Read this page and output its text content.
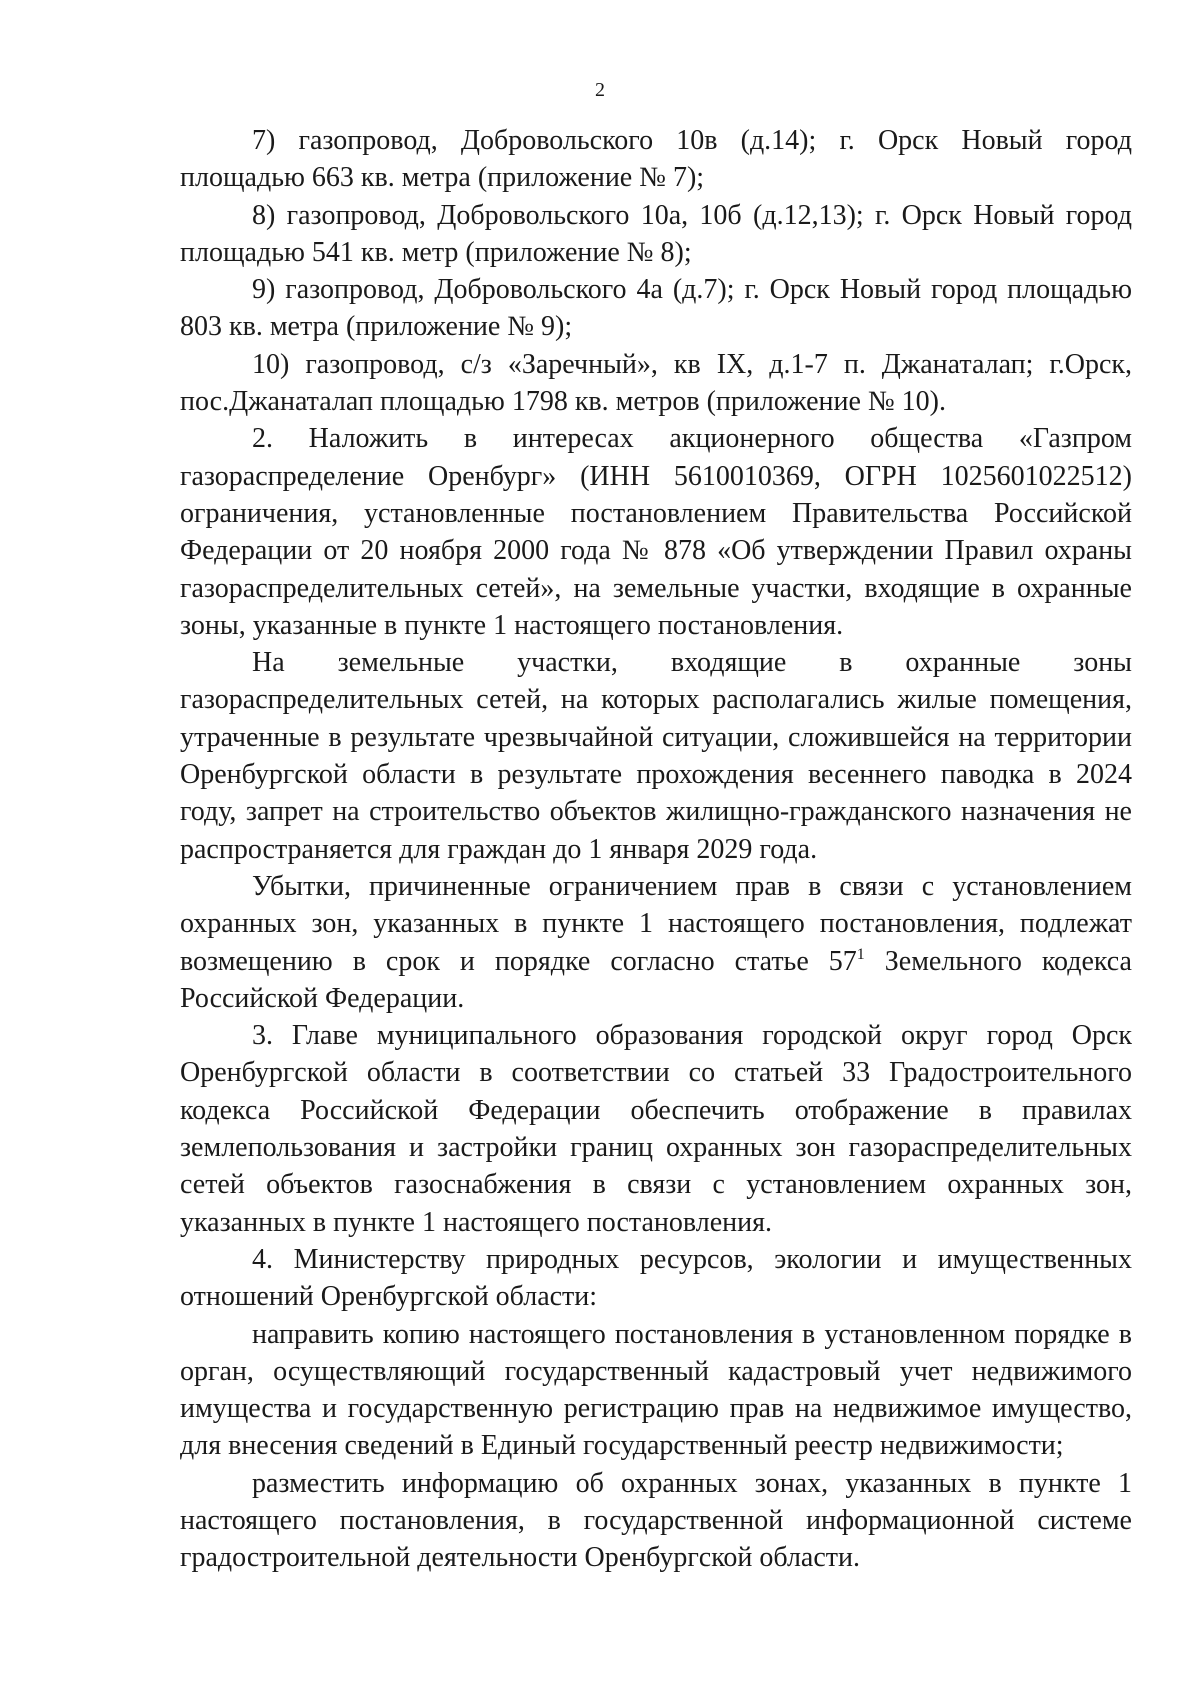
2

7) газопровод, Добровольского 10в (д.14); г. Орск Новый город площадью 663 кв. метра (приложение № 7);

8) газопровод, Добровольского 10а, 10б (д.12,13); г. Орск Новый город площадью 541 кв. метр (приложение № 8);

9) газопровод, Добровольского 4а (д.7); г. Орск Новый город площадью 803 кв. метра (приложение № 9);

10) газопровод, с/з «Заречный», кв IX, д.1-7 п. Джанаталап; г.Орск, пос.Джанаталап площадью 1798 кв. метров (приложение № 10).

2. Наложить в интересах акционерного общества «Газпром газораспределение Оренбург» (ИНН 5610010369, ОГРН 1025601022512) ограничения, установленные постановлением Правительства Российской Федерации от 20 ноября 2000 года № 878 «Об утверждении Правил охраны газораспределительных сетей», на земельные участки, входящие в охранные зоны, указанные в пункте 1 настоящего постановления.

На земельные участки, входящие в охранные зоны газораспределительных сетей, на которых располагались жилые помещения, утраченные в результате чрезвычайной ситуации, сложившейся на территории Оренбургской области в результате прохождения весеннего паводка в 2024 году, запрет на строительство объектов жилищно-гражданского назначения не распространяется для граждан до 1 января 2029 года.

Убытки, причиненные ограничением прав в связи с установлением охранных зон, указанных в пункте 1 настоящего постановления, подлежат возмещению в срок и порядке согласно статье $57^1$ Земельного кодекса Российской Федерации.

3. Главе муниципального образования городской округ город Орск Оренбургской области в соответствии со статьей 33 Градостроительного кодекса Российской Федерации обеспечить отображение в правилах землепользования и застройки границ охранных зон газораспределительных сетей объектов газоснабжения в связи с установлением охранных зон, указанных в пункте 1 настоящего постановления.

4. Министерству природных ресурсов, экологии и имущественных отношений Оренбургской области:

направить копию настоящего постановления в установленном порядке в орган, осуществляющий государственный кадастровый учет недвижимого имущества и государственную регистрацию прав на недвижимое имущество, для внесения сведений в Единый государственный реестр недвижимости;

разместить информацию об охранных зонах, указанных в пункте 1 настоящего постановления, в государственной информационной системе градостроительной деятельности Оренбургской области.
